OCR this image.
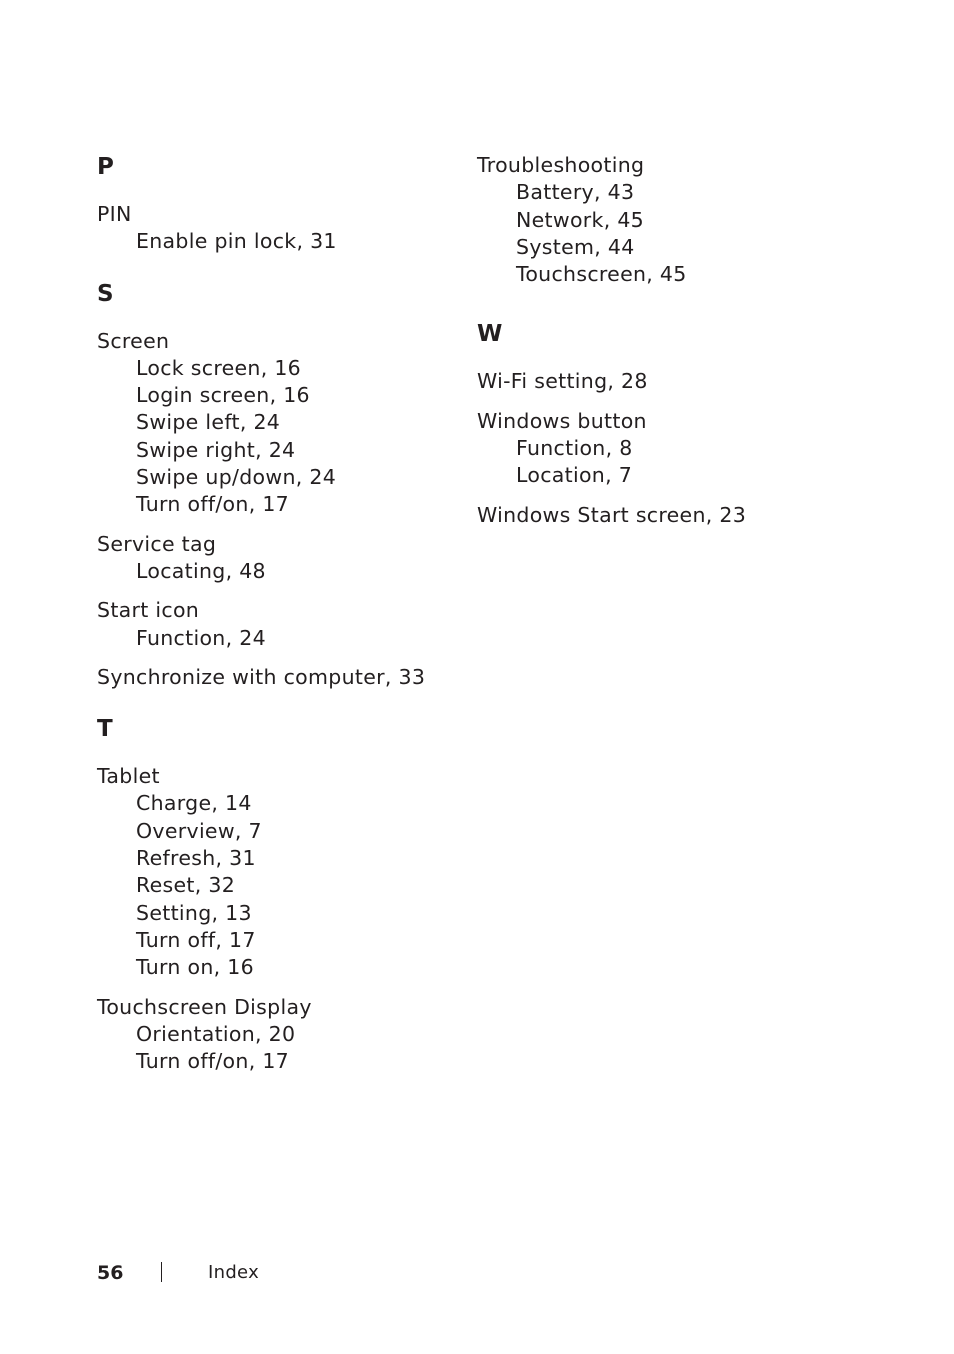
P
PIN
Enable pin lock, 31
S
Screen
Lock screen, 16
Login screen, 16
Swipe left, 24
Swipe right, 24
Swipe up/down, 24
Turn off/on, 17
Service tag
Locating, 48
Start icon
Function, 24
Synchronize with computer, 33
T
Tablet
Charge, 14
Overview, 7
Refresh, 31
Reset, 32
Setting, 13
Turn off, 17
Turn on, 16
Touchscreen Display
Orientation, 20
Turn off/on, 17
Troubleshooting
Battery, 43
Network, 45
System, 44
Touchscreen, 45
W
Wi-Fi setting, 28
Windows button
Function, 8
Location, 7
Windows Start screen, 23
56	Index
